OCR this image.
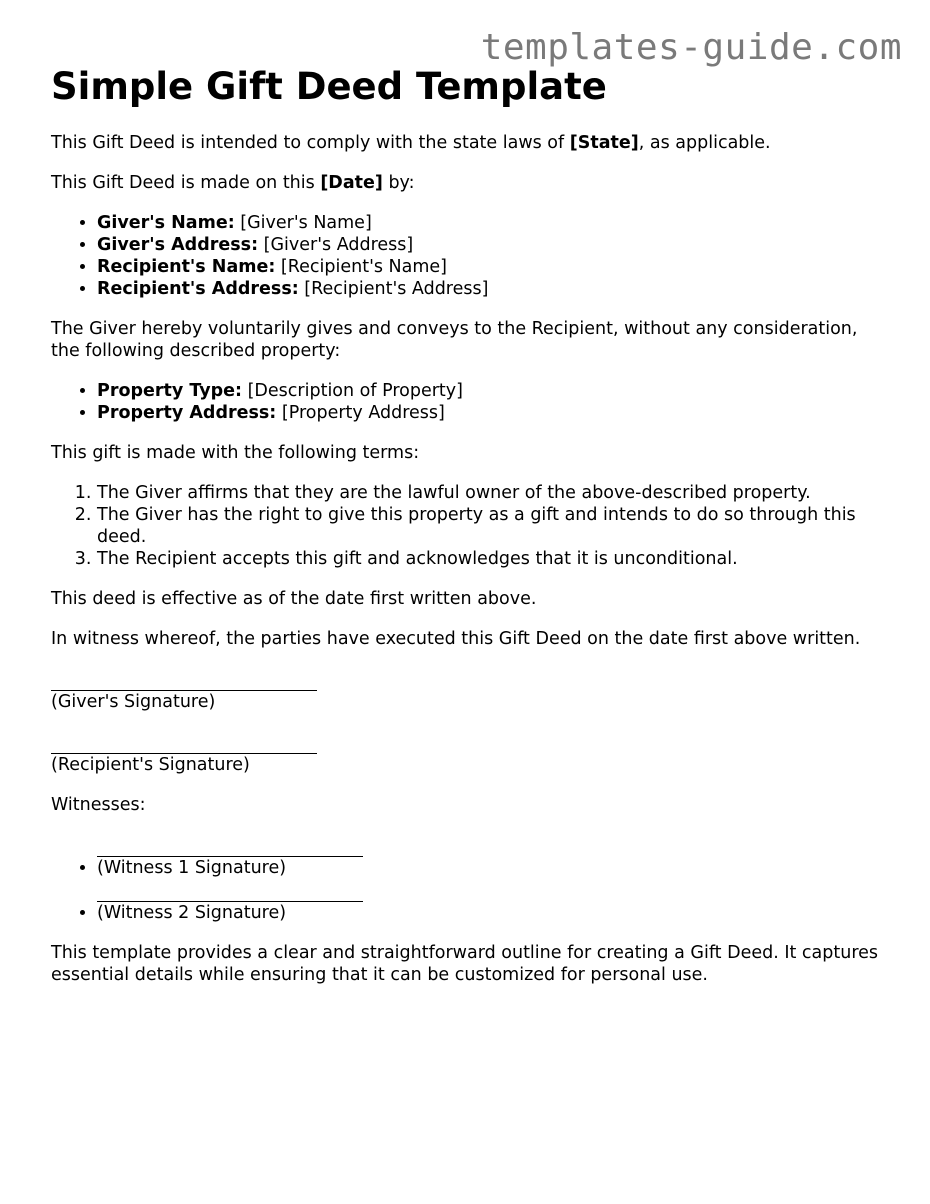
templates-guide.com
Simple Gift Deed Template

This Gift Deed is intended to comply with the state laws of [State], as applicable.

This Gift Deed is made on this [Date] by:

• Giver's Name: [Giver's Name]
• Giver's Address: [Giver's Address]
• Recipient's Name: [Recipient's Name]
• Recipient's Address: [Recipient's Address]

The Giver hereby voluntarily gives and conveys to the Recipient, without any consideration, the following described property:

• Property Type: [Description of Property]
• Property Address: [Property Address]

This gift is made with the following terms:

1. The Giver affirms that they are the lawful owner of the above-described property.
2. The Giver has the right to give this property as a gift and intends to do so through this deed.
3. The Recipient accepts this gift and acknowledges that it is unconditional.

This deed is effective as of the date first written above.

In witness whereof, the parties have executed this Gift Deed on the date first above written.

(Giver's Signature)
(Recipient's Signature)

Witnesses:

• (Witness 1 Signature)
• (Witness 2 Signature)

This template provides a clear and straightforward outline for creating a Gift Deed. It captures essential details while ensuring that it can be customized for personal use.
